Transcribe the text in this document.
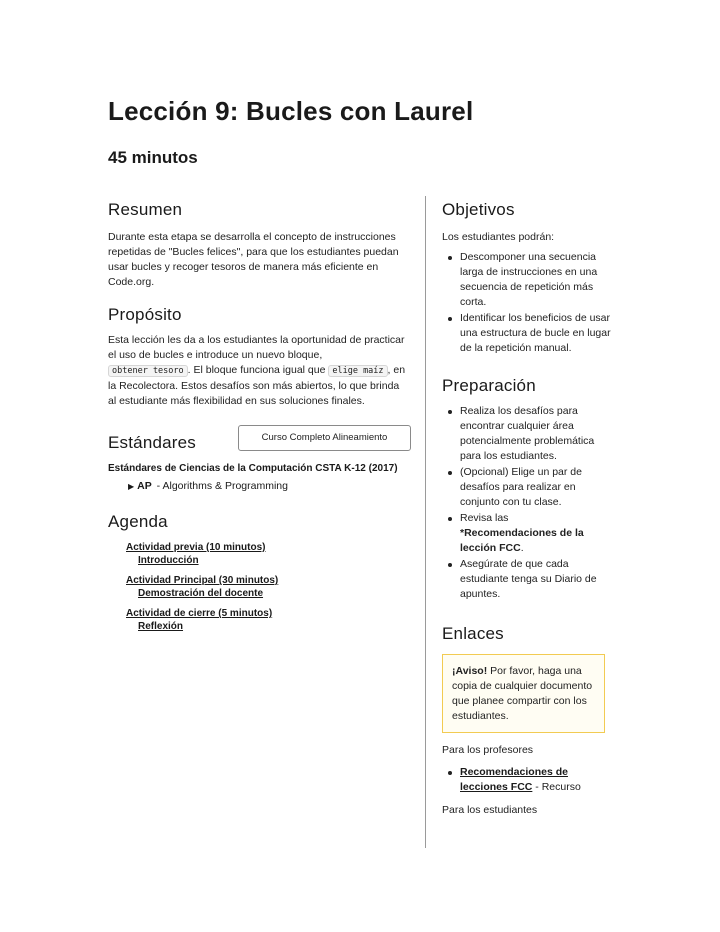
Lección 9: Bucles con Laurel
45 minutos
Resumen

Durante esta etapa se desarrolla el concepto de instrucciones repetidas de "Bucles felices", para que los estudiantes puedan usar bucles y recoger tesoros de manera más eficiente en Code.org.

Propósito

Esta lección les da a los estudiantes la oportunidad de practicar el uso de bucles e introduce un nuevo bloque,
obtener tesoro . El bloque funciona igual que elige maíz , en la Recolectora. Estos desafíos son más abiertos, lo que brinda al estudiante más flexibilidad en sus soluciones finales.

Estándares	Curso Completo Alineamiento
Estándares de Ciencias de la Computación CSTA K-12 (2017)
▶ AP - Algorithms & Programming
Agenda
Actividad previa (10 minutos)
Introducción
Actividad Principal (30 minutos)
Demostración del docente
Actividad de cierre (5 minutos)
Reflexión
Objetivos

Los estudiantes podrán:

Descomponer una secuencia larga de instrucciones en una secuencia de repetición más corta.
Identificar los beneficios de usar una estructura de bucle en lugar de la repetición manual.
Preparación
Realiza los desafíos para encontrar cualquier área potencialmente problemática para los estudiantes.
(Opcional) Elige un par de desafíos para realizar en conjunto con tu clase.
Revisa las
*Recomendaciones de la lección FCC.
Asegúrate de que cada estudiante tenga su Diario de apuntes.
Enlaces
¡Aviso! Por favor, haga una copia de cualquier documento que planee compartir con los estudiantes.

Para los profesores

Recomendaciones de lecciones FCC - Recurso

Para los estudiantes
